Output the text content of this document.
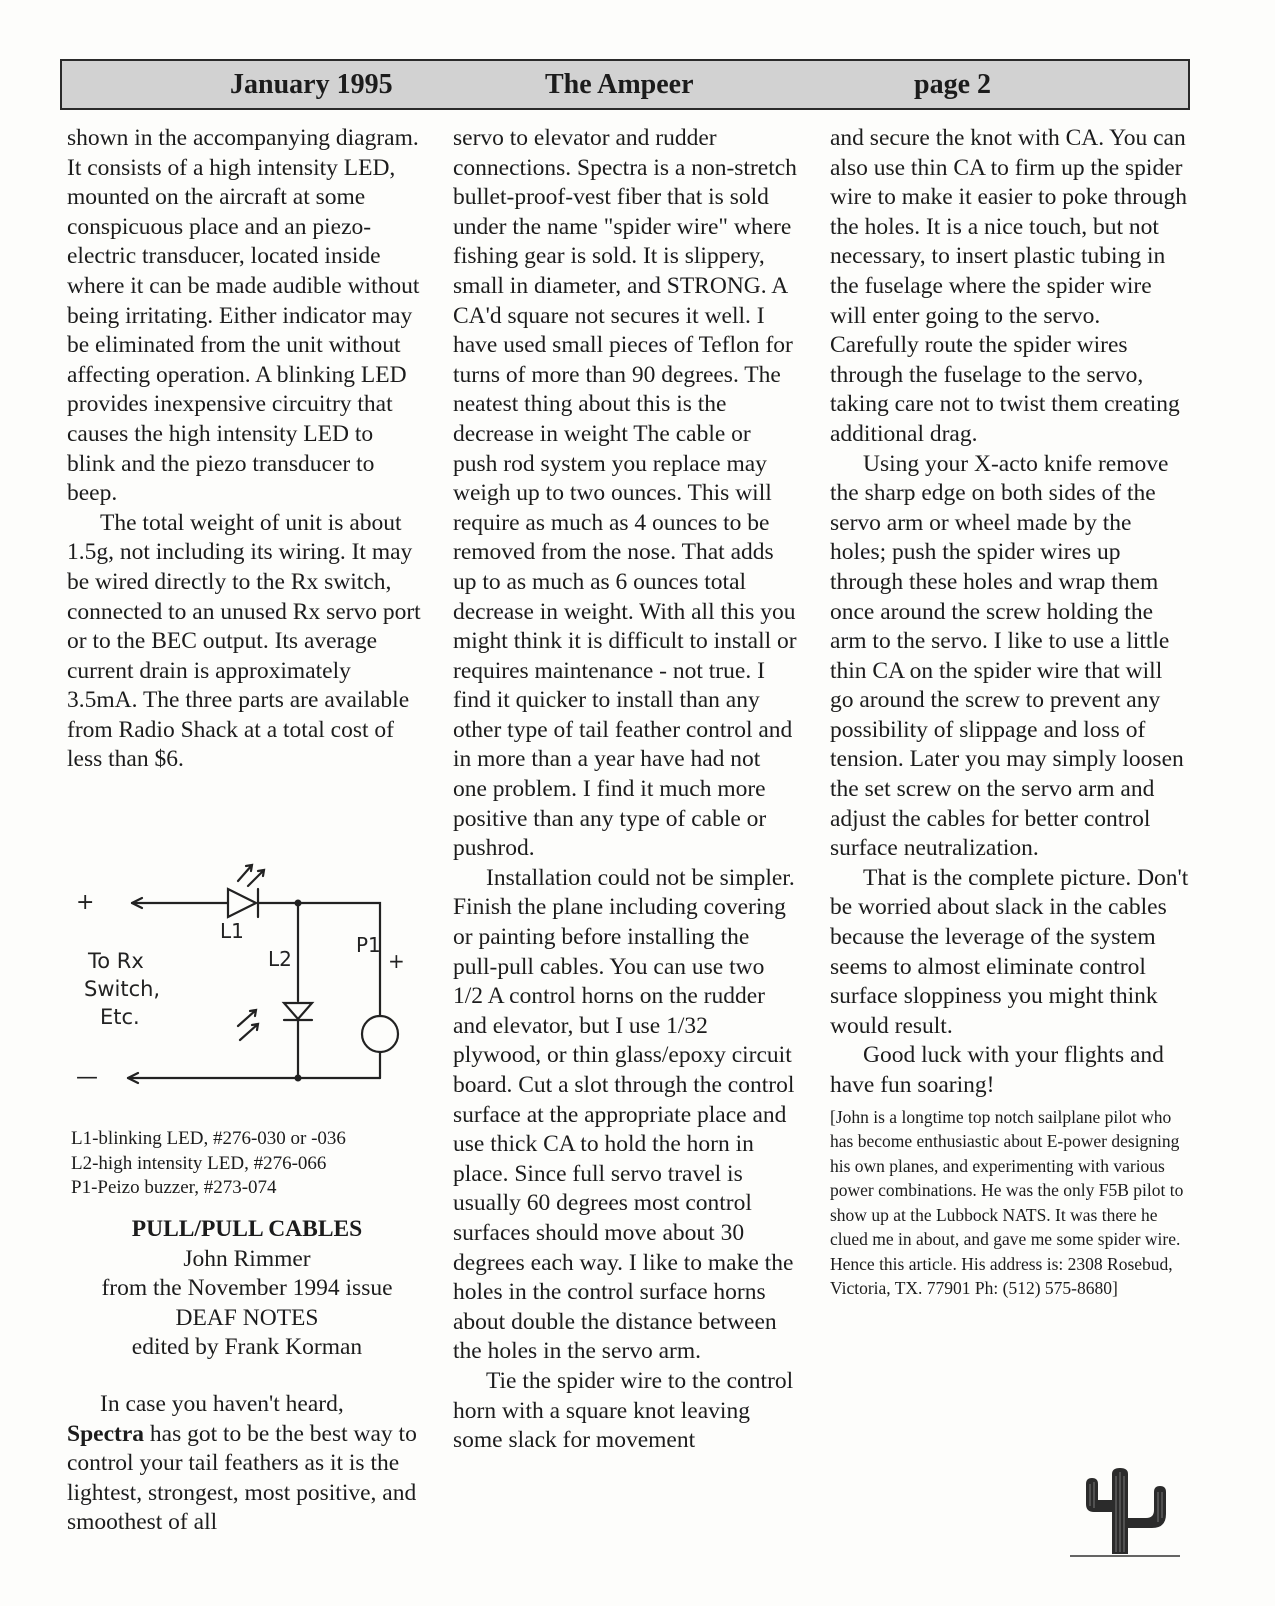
January 1995	The Ampeer	page 2

shown in the accompanying diagram. It consists of a high intensity LED, mounted on the aircraft at some conspicuous place and an piezo-electric transducer, located inside where it can be made audible without being irritating. Either indicator may be eliminated from the unit without affecting operation. A blinking LED provides inexpensive circuitry that causes the high intensity LED to blink and the piezo transducer to beep.

The total weight of unit is about 1.5g, not including its wiring. It may be wired directly to the Rx switch, connected to an unused Rx servo port or to the BEC output. Its average current drain is approximately 3.5mA. The three parts are available from Radio Shack at a total cost of less than $6.

+
—
L1
L2
P1
+
To Rx
Switch,
Etc.

L1-blinking LED, #276-030 or -036

L2-high intensity LED, #276-066

P1-Peizo buzzer, #273-074

PULL/PULL CABLES

John Rimmer

from the November 1994 issue

DEAF NOTES

edited by Frank Korman

In case you haven't heard,
Spectra has got to be the best way to control your tail feathers as it is the lightest, strongest, most positive, and smoothest of all

servo to elevator and rudder connections. Spectra is a non-stretch bullet-proof-vest fiber that is sold under the name "spider wire" where fishing gear is sold. It is slippery, small in diameter, and STRONG. A CA'd square not secures it well. I have used small pieces of Teflon for turns of more than 90 degrees. The neatest thing about this is the decrease in weight The cable or push rod system you replace may weigh up to two ounces. This will require as much as 4 ounces to be removed from the nose. That adds up to as much as 6 ounces total decrease in weight. With all this you might think it is difficult to install or requires maintenance - not true. I find it quicker to install than any other type of tail feather control and in more than a year have had not one problem. I find it much more positive than any type of cable or pushrod.

Installation could not be simpler. Finish the plane including covering or painting before installing the pull-pull cables. You can use two 1/2 A control horns on the rudder and elevator, but I use 1/32 plywood, or thin glass/epoxy circuit board. Cut a slot through the control surface at the appropriate place and use thick CA to hold the horn in place. Since full servo travel is usually 60 degrees most control surfaces should move about 30 degrees each way. I like to make the holes in the control surface horns about double the distance between the holes in the servo arm.

Tie the spider wire to the control horn with a square knot leaving some slack for movement

and secure the knot with CA. You can also use thin CA to firm up the spider wire to make it easier to poke through the holes. It is a nice touch, but not necessary, to insert plastic tubing in the fuselage where the spider wire will enter going to the servo. Carefully route the spider wires through the fuselage to the servo, taking care not to twist them creating additional drag.

Using your X-acto knife remove the sharp edge on both sides of the servo arm or wheel made by the holes; push the spider wires up through these holes and wrap them once around the screw holding the arm to the servo. I like to use a little thin CA on the spider wire that will go around the screw to prevent any possibility of slippage and loss of tension. Later you may simply loosen the set screw on the servo arm and adjust the cables for better control surface neutralization.

That is the complete picture. Don't be worried about slack in the cables because the leverage of the system seems to almost eliminate control surface sloppiness you might think would result.

Good luck with your flights and have fun soaring!

[John is a longtime top notch sailplane pilot who has become enthusiastic about E-power designing his own planes, and experimenting with various power combinations. He was the only F5B pilot to show up at the Lubbock NATS. It was there he clued me in about, and gave me some spider wire. Hence this article. His address is: 2308 Rosebud, Victoria, TX. 77901 Ph: (512) 575-8680]
